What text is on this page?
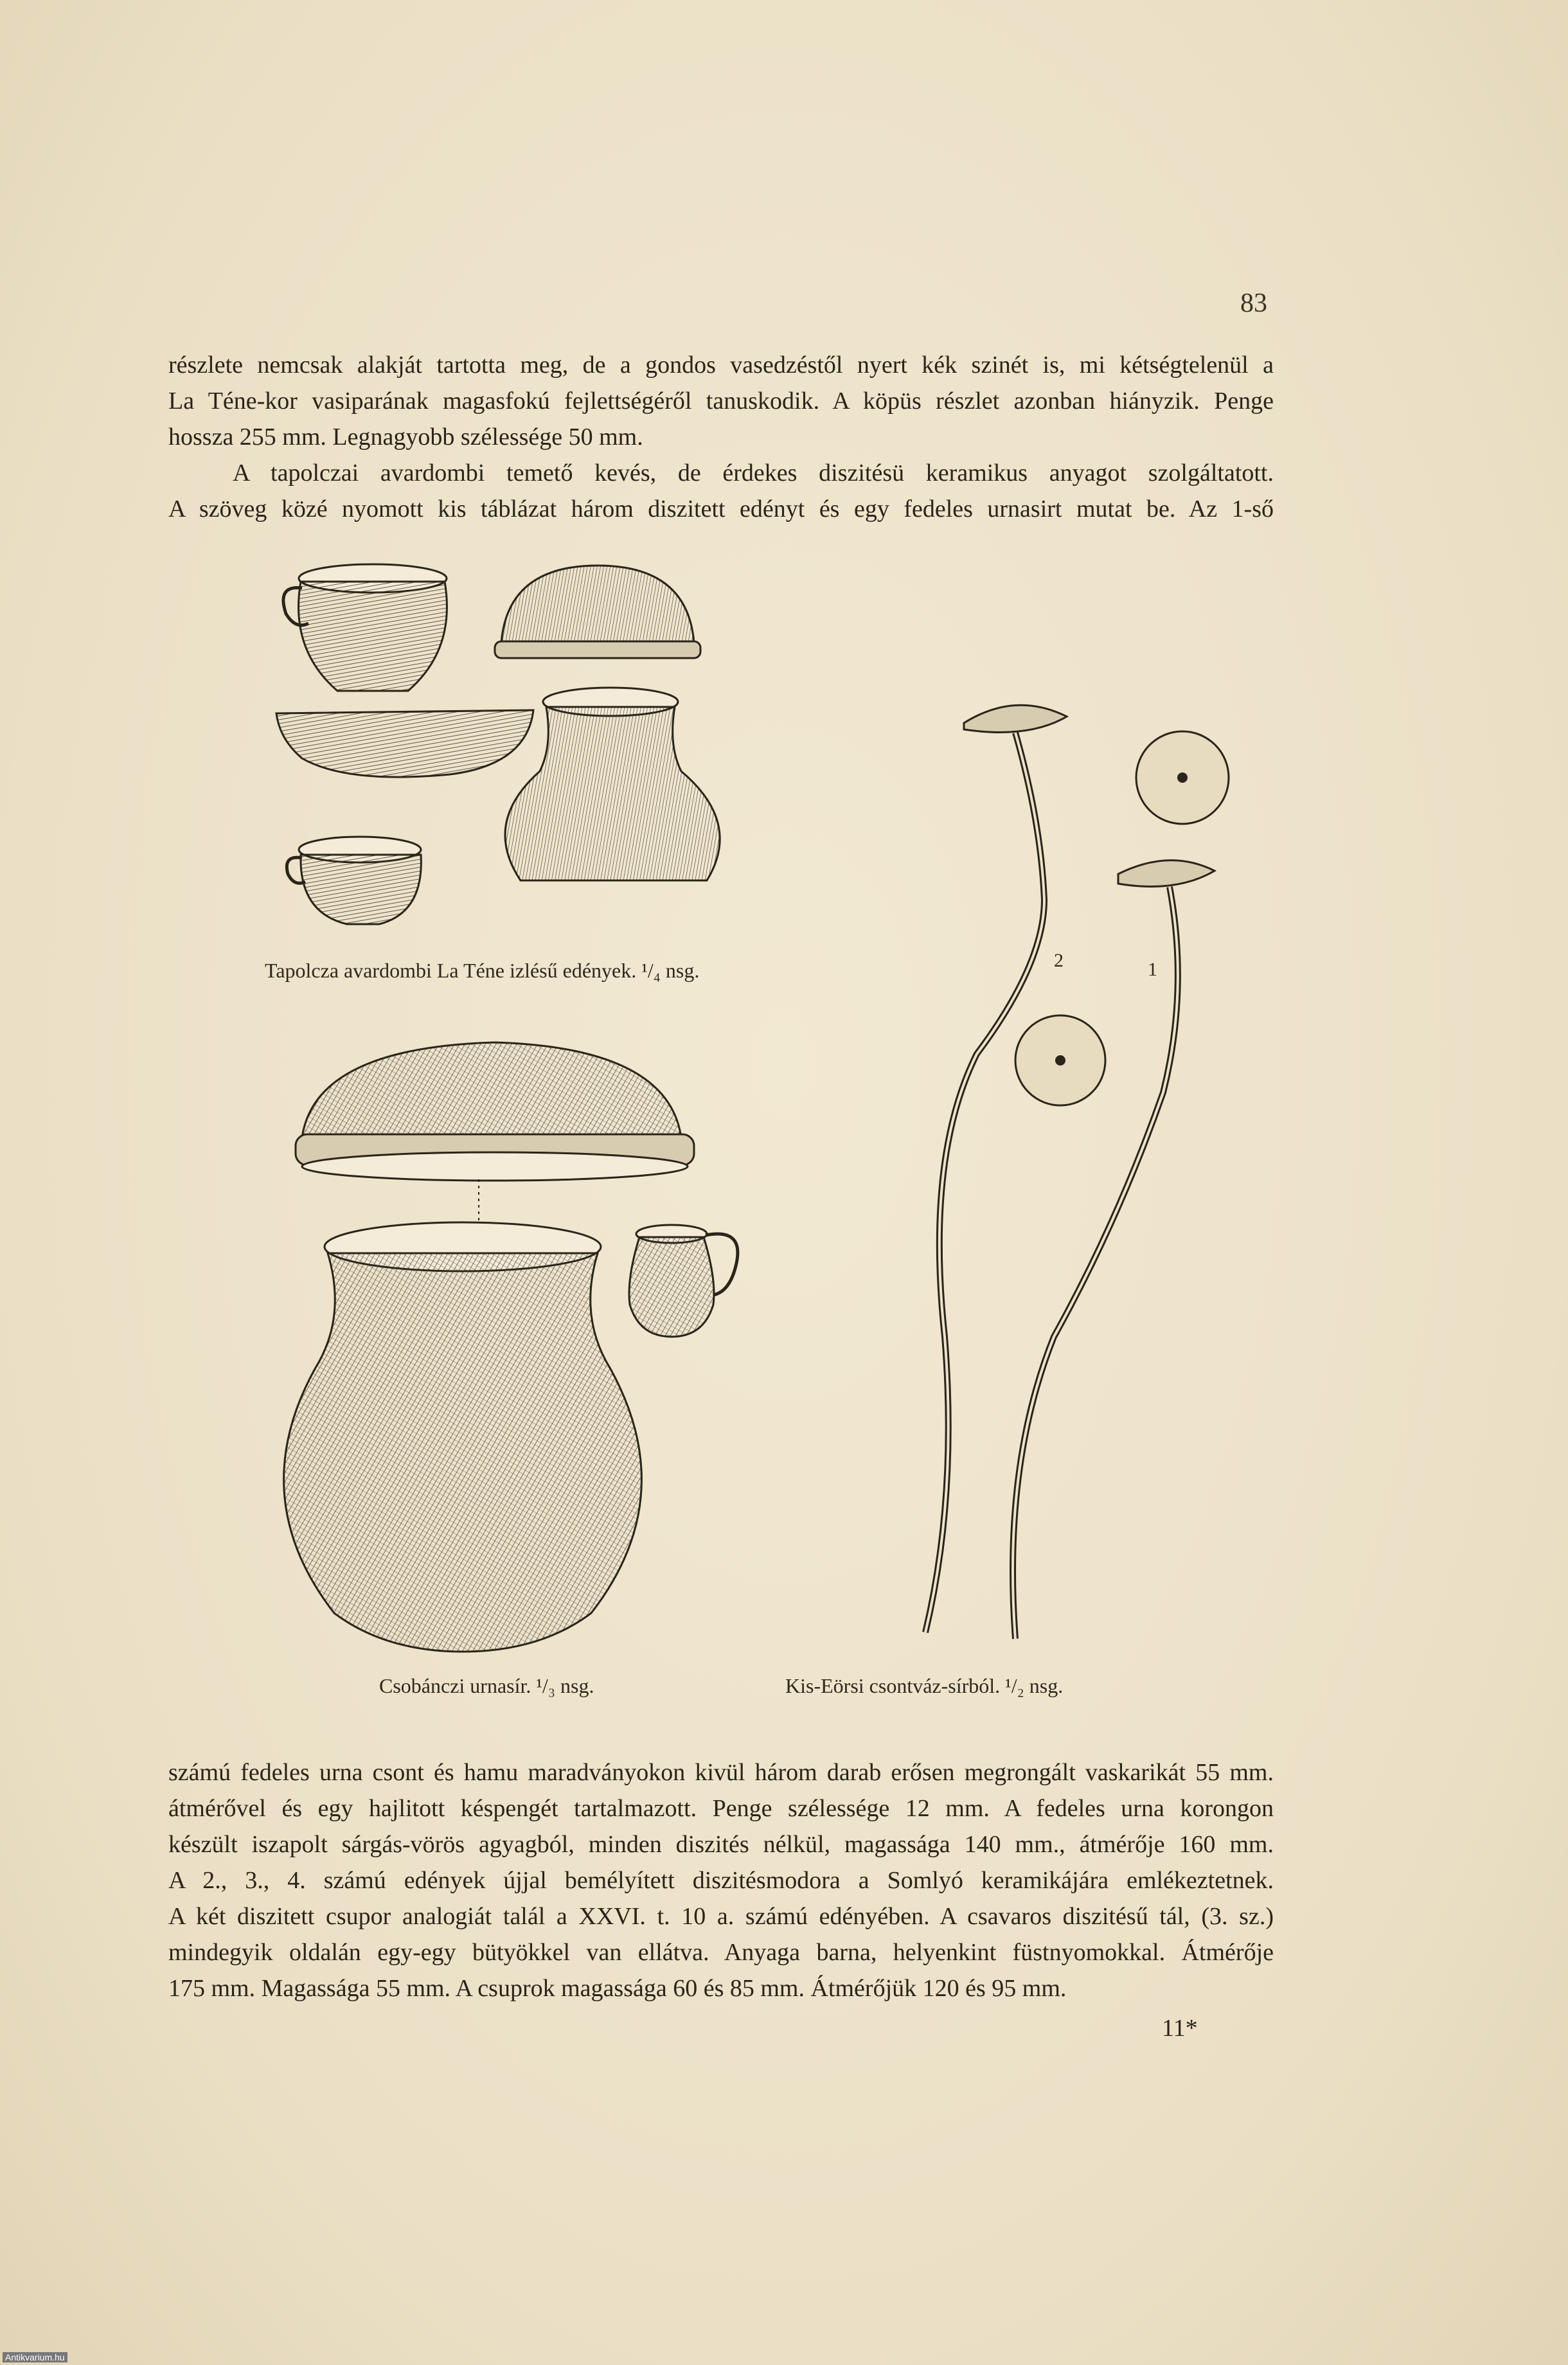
83
részlete nemcsak alakját tartotta meg, de a gondos vasedzéstől nyert kék szinét is, mi kétségtelenül a
La Téne-kor vasiparának magasfokú fejlettségéről tanuskodik. A köpüs részlet azonban hiányzik. Penge
hossza 255 mm. Legnagyobb szélessége 50 mm.
A tapolczai avardombi temető kevés, de érdekes diszitésü keramikus anyagot szolgáltatott.
A szöveg közé nyomott kis táblázat három diszitett edényt és egy fedeles urnasirt mutat be. Az 1-ső
Tapolcza avardombi La Téne izlésű edények. ¹/₄ nsg.
Csobánczi urnasír. ¹/₃ nsg.
2	1
Kis-Eörsi csontváz-sírból. ¹/₂ nsg.
számú fedeles urna csont és hamu maradványokon kivül három darab erősen megrongált vaskarikát 55 mm.
átmérővel és egy hajlitott késpengét tartalmazott. Penge szélessége 12 mm. A fedeles urna korongon
készült iszapolt sárgás-vörös agyagból, minden diszités nélkül, magassága 140 mm., átmérője 160 mm.
A 2., 3., 4. számú edények újjal bemélyített diszitésmodora a Somlyó keramikájára emlékeztetnek.
A két diszitett csupor analogiát talál a XXVI. t. 10 a. számú edényében. A csavaros diszitésű tál, (3. sz.)
mindegyik oldalán egy-egy bütyökkel van ellátva. Anyaga barna, helyenkint füstnyomokkal. Átmérője
175 mm. Magassága 55 mm. A csuprok magassága 60 és 85 mm. Átmérőjük 120 és 95 mm.
11*
Antikvarium.hu
